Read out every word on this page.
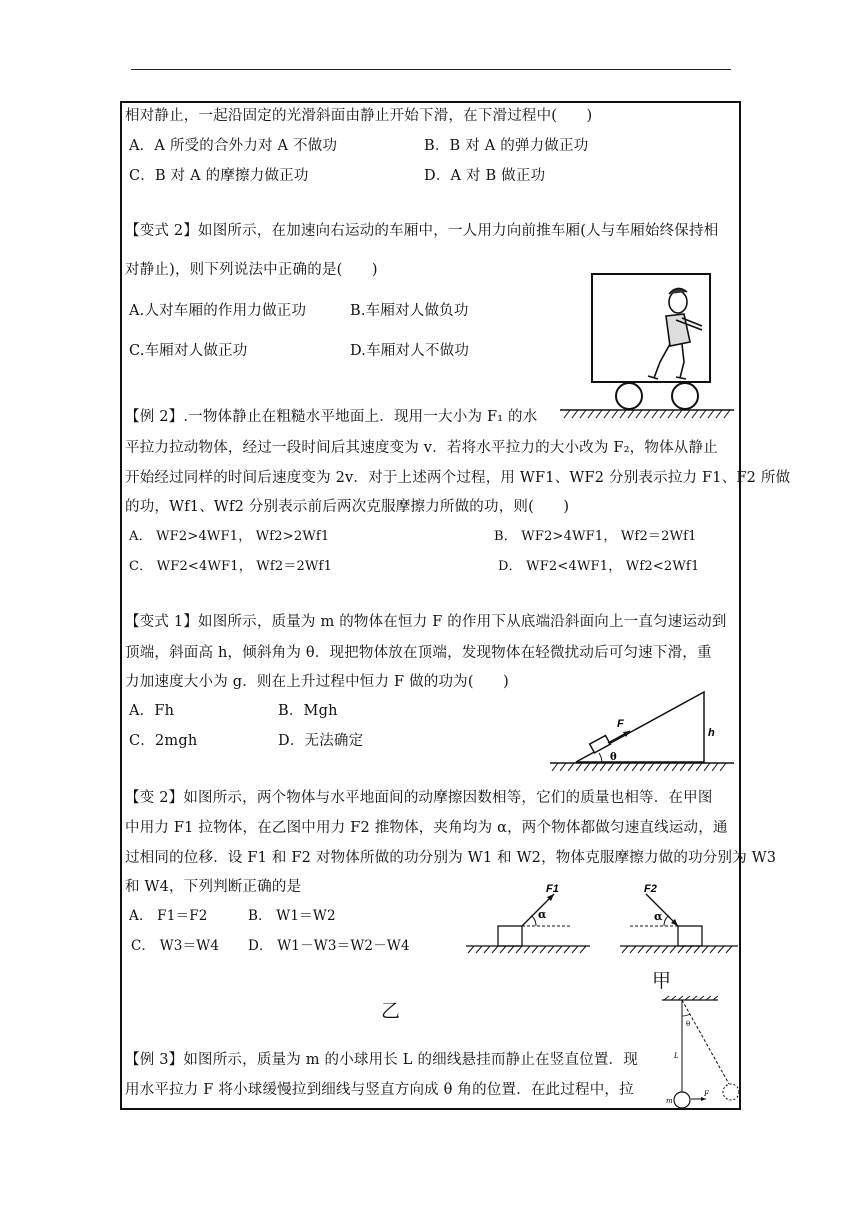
相对静止，一起沿固定的光滑斜面由静止开始下滑，在下滑过程中(　　)
A．A 所受的合外力对 A 不做功	B．B 对 A 的弹力做正功
C．B 对 A 的摩擦力做正功	D．A 对 B 做正功
【变式 2】如图所示，在加速向右运动的车厢中，一人用力向前推车厢(人与车厢始终保持相
对静止)，则下列说法中正确的是(　　)
A.人对车厢的作用力做正功	B.车厢对人做负功
C.车厢对人做正功	D.车厢对人不做功
【例 2】.一物体静止在粗糙水平地面上．现用一大小为 F₁ 的水
平拉力拉动物体，经过一段时间后其速度变为 v．若将水平拉力的大小改为 F₂，物体从静止
开始经过同样的时间后速度变为 2v．对于上述两个过程，用 WF1、WF2 分别表示拉力 F1、F2 所做
的功，Wf1、Wf2 分别表示前后两次克服摩擦力所做的功，则(　　)
A． WF2>4WF1， Wf2>2Wf1	B． WF2>4WF1， Wf2＝2Wf1
C． WF2<4WF1， Wf2＝2Wf1	D． WF2<4WF1， Wf2<2Wf1
【变式 1】如图所示，质量为 m 的物体在恒力 F 的作用下从底端沿斜面向上一直匀速运动到
顶端，斜面高 h，倾斜角为 θ．现把物体放在顶端，发现物体在轻微扰动后可匀速下滑，重
力加速度大小为 g．则在上升过程中恒力 F 做的功为(　　)
A．Fh	B．Mgh
C．2mgh	D．无法确定
F
h
θ
【变 2】如图所示，两个物体与水平地面间的动摩擦因数相等，它们的质量也相等．在甲图
中用力 F1 拉物体，在乙图中用力 F2 推物体，夹角均为 α，两个物体都做匀速直线运动，通
过相同的位移．设 F1 和 F2 对物体所做的功分别为 W1 和 W2，物体克服摩擦力做的功分别为 W3
和 W4，下列判断正确的是
A． F1＝F2	B． W1＝W2
C． W3＝W4 D． W1－W3＝W2－W4
F1
α
F2
α
甲
乙
【例 3】如图所示，质量为 m 的小球用长 L 的细线悬挂而静止在竖直位置．现
用水平拉力 F 将小球缓慢拉到细线与竖直方向成 θ 角的位置．在此过程中，拉
θ
L
m
F
